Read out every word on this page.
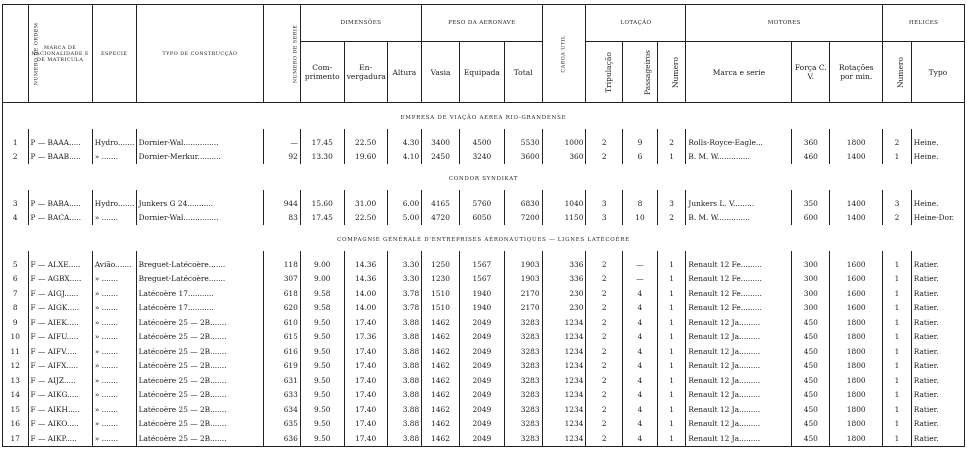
NUMERO DE ORDEM	MARCA DE NACIONALIDADE E DE MATRICULA	ESPECIE	TYPO DE CONSTRUCÇÃO	NUMERO DE SERIE	DIMENSÕES			PESO DA AERONAVE			CARGA UTIL	LOTAÇÃO			MOTORES			HELICES	
					Com- primento	En- vergadura	Altura	Vasia	Equipada	Total		Tripulação	Passageiros	Numero	Marca e serie	Força C. V.	Rotações por min.	Numero	Typo
EMPRESA DE VIAÇÃO AEREA RIO-GRANDENSE																			

1	P — BAAA.....	Hydro.......	Dornier-Wal...............	—	17.45	22.50	4.30	3400	4500	5530	1000	2	9	2	Rolls-Royce-Eagle...	360	1800	2	Heine.
2	P — BAAB.....	» .......	Dornier-Merkur..........	92	13.30	19.60	4.10	2450	3240	3600	360	2	6	1	B. M. W..............	460	1400	1	Heine.
CONDOR SYNDIKAT																			

3	P — BABA.....	Hydro.......	Junkers G 24...........	944	15.60	31.00	6.00	4165	5760	6830	1040	3	8	3	Junkers L. V.........	350	1400	3	Heine.
4	P — BACA.....	» .......	Dornier-Wal...............	83	17.45	22.50	5.00	4720	6050	7200	1150	3	10	2	B. M. W..............	600	1400	2	Heine-Dor.
COMPAGNIE GÉNÉRALE D'ENTREPRISES AÉRONAUTIQUES — LIGNES LATÉCOÈRE																			

5	F — ALXE.....	Avião.......	Breguet-Latécoère.......	118	9.00	14.36	3.30	1250	1567	1903	336	2	—	1	Renault 12 Fe.........	300	1600	1	Ratier.
6	F — AGBX.....	» .......	Breguet-Latécoère.......	307	9.00	14.36	3.30	1230	1567	1903	336	2	—	1	Renault 12 Fe.........	300	1600	1	Ratier.
7	F — AIGJ......	» .......	Latécoère 17...........	618	9.58	14.00	3.78	1510	1940	2170	230	2	4	1	Renault 12 Fe.........	300	1600	1	Ratier.
8	F — AIGK.....	» .......	Latécoère 17...........	620	9.58	14.00	3.78	1510	1940	2170	230	2	4	1	Renault 12 Fe.........	300	1600	1	Ratier.
9	F — AIEK.....	» .......	Latécoère 25 — 2B.......	610	9.50	17.40	3.88	1462	2049	3283	1234	2	4	1	Renault 12 Ja.........	450	1800	1	Ratier.
10	F — AIFU.....	» .......	Latécoère 25 — 2B.......	615	9.50	17.36	3.88	1462	2049	3283	1234	2	4	1	Renault 12 Ja.........	450	1800	1	Ratier.
11	F — AIFV.....	» .......	Latécoère 25 — 2B.......	616	9.50	17.40	3.88	1462	2049	3283	1234	2	4	1	Renault 12 Ja.........	450	1800	1	Ratier.
12	F — AIFX.....	» .......	Latécoère 25 — 2B.......	619	9.50	17.40	3.88	1462	2049	3283	1234	2	4	1	Renault 12 Ja.........	450	1800	1	Ratier.
13	F — AIJZ.....	» .......	Latécoère 25 — 2B.......	631	9.50	17.40	3.88	1462	2049	3283	1234	2	4	1	Renault 12 Ja.........	450	1800	1	Ratier.
14	F — AIKG.....	» .......	Latécoère 25 — 2B.......	633	9.50	17.40	3.88	1462	2049	3283	1234	2	4	1	Renault 12 Ja.........	450	1800	1	Ratier.
15	F — AIKH.....	» .......	Latécoère 25 — 2B.......	634	9.50	17.40	3.88	1462	2049	3283	1234	2	4	1	Renault 12 Ja.........	450	1800	1	Ratier.
16	F — AIKO.....	» .......	Latécoère 25 — 2B.......	635	9.50	17.40	3.88	1462	2049	3283	1234	2	4	1	Renault 12 Ja.........	450	1800	1	Ratier.
17	F — AIKP.....	» .......	Latécoère 25 — 2B.......	636	9.50	17.40	3.88	1462	2049	3283	1234	2	4	1	Renault 12 Ja.........	450	1800	1	Ratier.
